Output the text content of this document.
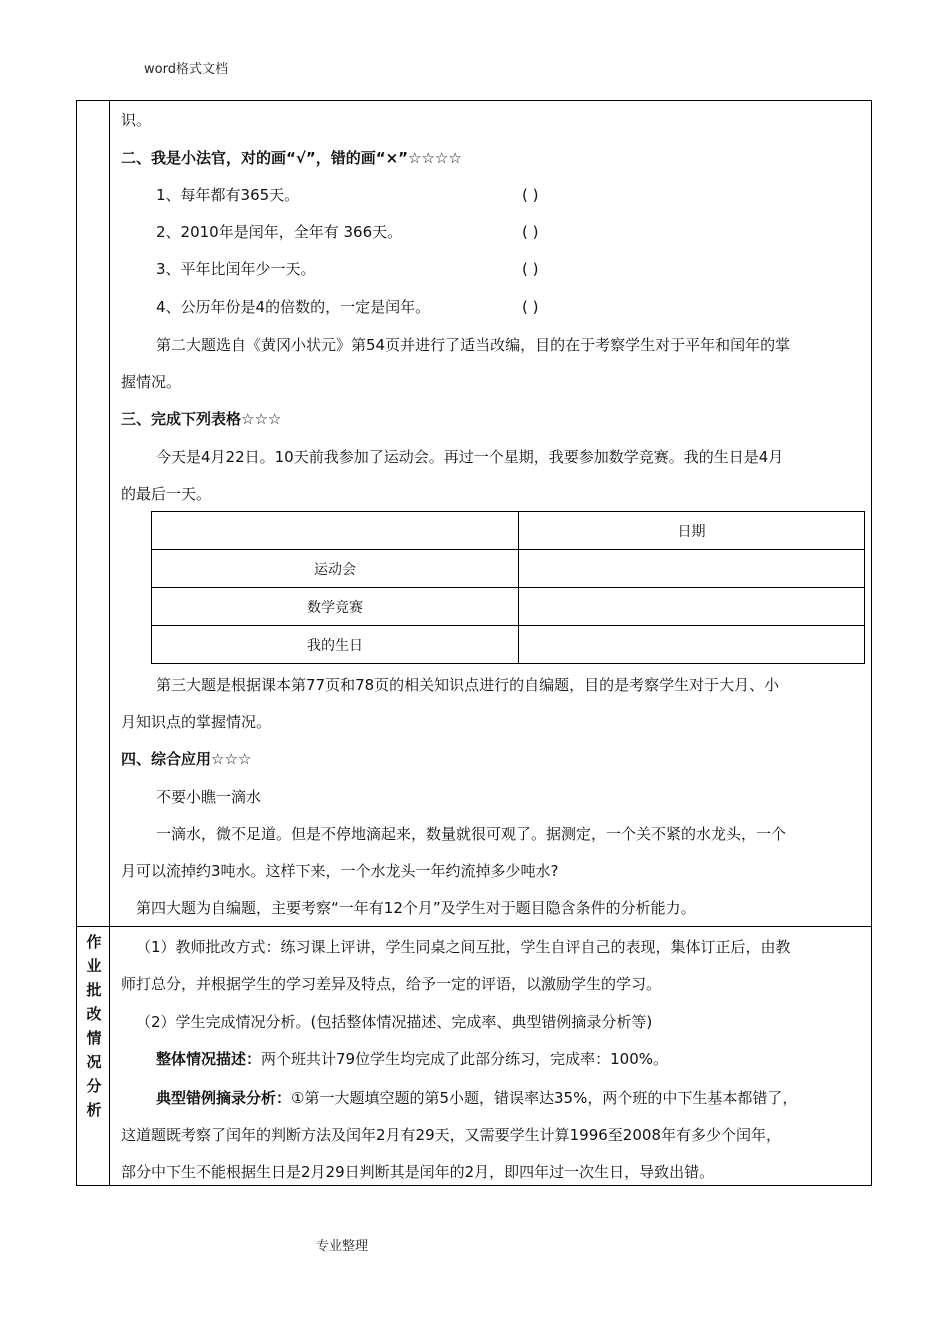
word格式文档
识。
二、我是小法官，对的画“√”，错的画“×”☆☆☆☆
1、每年都有365天。	( )
2、2010年是闰年，全年有 366天。	( )
3、平年比闰年少一天。	( )
4、公历年份是4的倍数的，一定是闰年。	( )
第二大题选自《黄冈小状元》第54页并进行了适当改编，目的在于考察学生对于平年和闰年的掌
握情况。
三、完成下列表格☆☆☆
今天是4月22日。10天前我参加了运动会。再过一个星期，我要参加数学竞赛。我的生日是4月
的最后一天。
	日期
运动会	
数学竞赛	
我的生日	
第三大题是根据课本第77页和78页的相关知识点进行的自编题，目的是考察学生对于大月、小
月知识点的掌握情况。
四、综合应用☆☆☆
不要小瞧一滴水
一滴水，微不足道。但是不停地滴起来，数量就很可观了。据测定，一个关不紧的水龙头，一个
月可以流掉约3吨水。这样下来，一个水龙头一年约流掉多少吨水?
第四大题为自编题，主要考察“一年有12个月”及学生对于题目隐含条件的分析能力。
作
业
批
改
情
况
分
析
（1）教师批改方式：练习课上评讲，学生同桌之间互批，学生自评自己的表现，集体订正后，由教
师打总分，并根据学生的学习差异及特点，给予一定的评语，以激励学生的学习。
（2）学生完成情况分析。(包括整体情况描述、完成率、典型错例摘录分析等)
整体情况描述：两个班共计79位学生均完成了此部分练习，完成率：100%。
典型错例摘录分析：①第一大题填空题的第5小题，错误率达35%，两个班的中下生基本都错了，
这道题既考察了闰年的判断方法及闰年2月有29天，又需要学生计算1996至2008年有多少个闰年，
部分中下生不能根据生日是2月29日判断其是闰年的2月，即四年过一次生日，导致出错。
专业整理
